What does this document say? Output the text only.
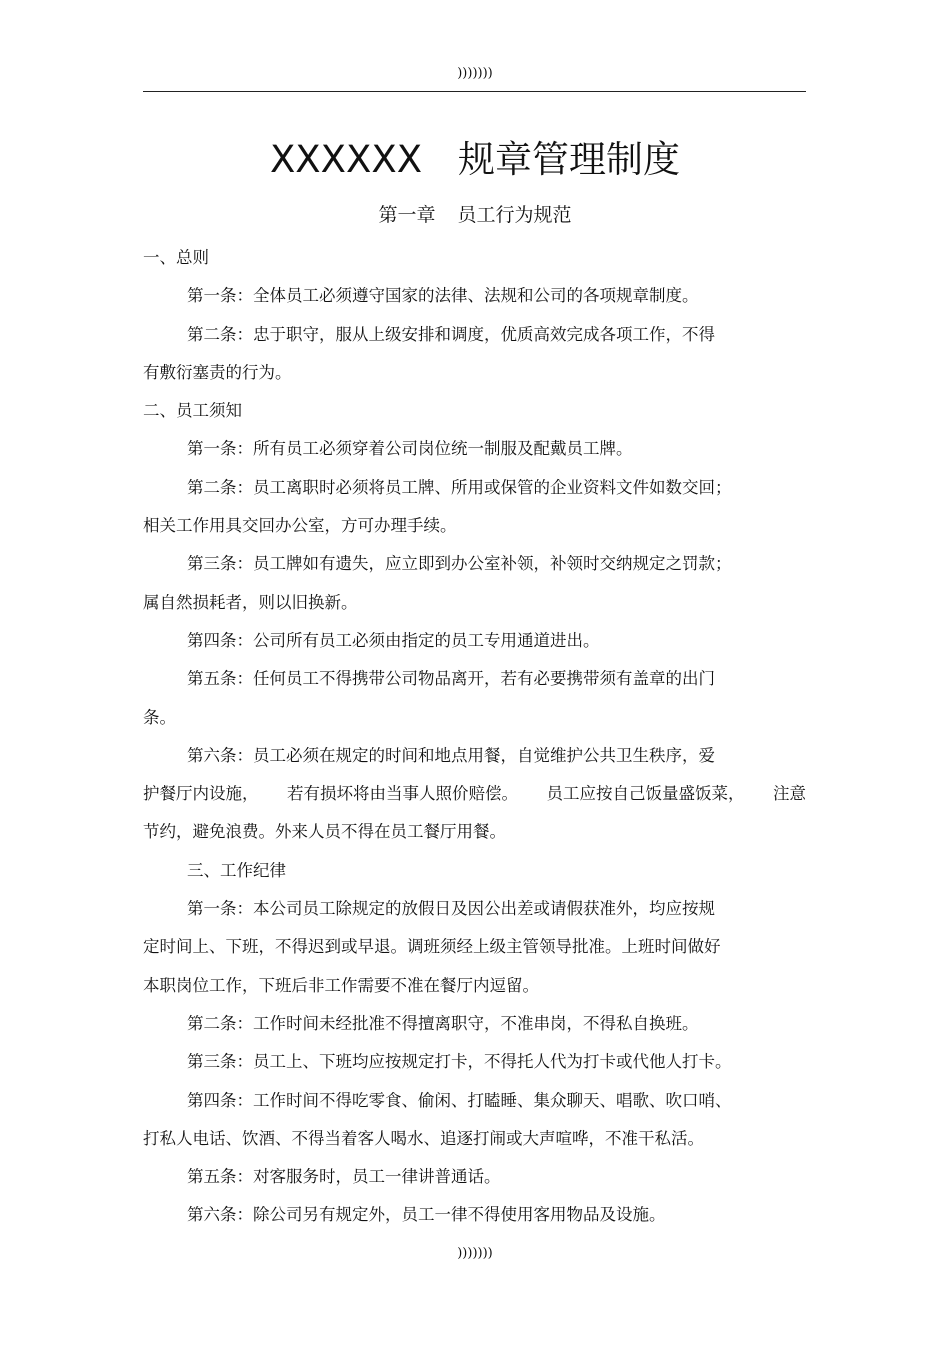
)))))))
XXXXXX 规章管理制度
第一章 员工行为规范
一、总则
第一条：全体员工必须遵守国家的法律、法规和公司的各项规章制度。
第二条：忠于职守，服从上级安排和调度，优质高效完成各项工作，不得
有敷衍塞责的行为。
二、员工须知
第一条：所有员工必须穿着公司岗位统一制服及配戴员工牌。
第二条：员工离职时必须将员工牌、所用或保管的企业资料文件如数交回；
相关工作用具交回办公室，方可办理手续。
第三条：员工牌如有遗失，应立即到办公室补领，补领时交纳规定之罚款；
属自然损耗者，则以旧换新。
第四条：公司所有员工必须由指定的员工专用通道进出。
第五条：任何员工不得携带公司物品离开，若有必要携带须有盖章的出门
条。
第六条：员工必须在规定的时间和地点用餐，自觉维护公共卫生秩序，爱
护餐厅内设施， 若有损坏将由当事人照价赔偿。 员工应按自己饭量盛饭菜， 注意
节约，避免浪费。外来人员不得在员工餐厅用餐。
三、工作纪律
第一条：本公司员工除规定的放假日及因公出差或请假获准外，均应按规
定时间上、下班，不得迟到或早退。调班须经上级主管领导批准。上班时间做好
本职岗位工作，下班后非工作需要不准在餐厅内逗留。
第二条：工作时间未经批准不得擅离职守，不准串岗，不得私自换班。
第三条：员工上、下班均应按规定打卡，不得托人代为打卡或代他人打卡。
第四条：工作时间不得吃零食、偷闲、打瞌睡、集众聊天、唱歌、吹口哨、
打私人电话、饮酒、不得当着客人喝水、追逐打闹或大声喧哗，不准干私活。
第五条：对客服务时，员工一律讲普通话。
第六条：除公司另有规定外，员工一律不得使用客用物品及设施。
)))))))
